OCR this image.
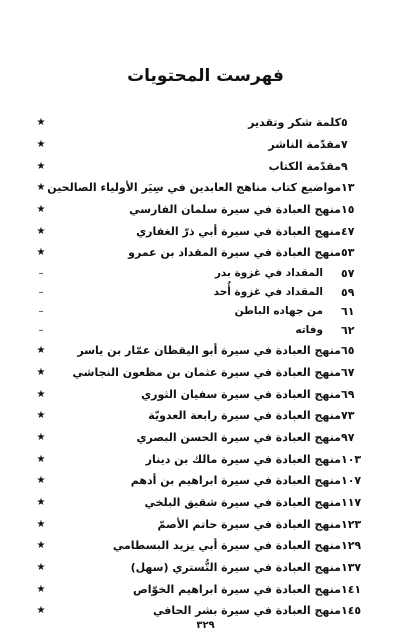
فهرست المحتويات
★	كلمة شكر وتقدير ٥
★	مقدّمة الناشر ٧
★	مقدّمة الكتاب ٩
★ مواضيع كتاب مناهج العابدين في سِيَر الأولياء الصالحين ١٣
★	منهج العبادة في سيرة سلمان الفارسي ١٥
★	منهج العبادة في سيرة أبي ذرّ الغفاري ٤٧
★	منهج العبادة في سيرة المقداد بن عمرو ٥٣
–	المقداد في غزوة بدر	٥٧
–	المقداد في غزوة أُحد	٥٩
–	من جهاده الباطن	٦١
–	وفاته	٦٢
★	منهج العبادة في سيرة أبو اليقظان عمّار بن ياسر ٦٥
★	منهج العبادة في سيرة عثمان بن مظعون النجاشي ٦٧
★	منهج العبادة في سيرة سفيان الثوري ٦٩
★	منهج العبادة في سيرة رابعة العدويّة ٧٣
★	منهج العبادة في سيرة الحسن البصري ٩٧
★	منهج العبادة في سيرة مالك بن دينار ١٠٣
★	منهج العبادة في سيرة ابراهيم بن أدهم ١٠٧
★	منهج العبادة في سيرة شقيق البلخي ١١٧
★	منهج العبادة في سيرة حاتم الأصمّ ١٢٣
★	منهج العبادة في سيرة أبي يزيد البسطامي ١٢٩
★	منهج العبادة في سيرة التُّستري (سهل) ١٣٧
★	منهج العبادة في سيرة ابراهيم الخوّاص ١٤١
★	منهج العبادة في سيرة بشر الحافي ١٤٥
٣٢٩
